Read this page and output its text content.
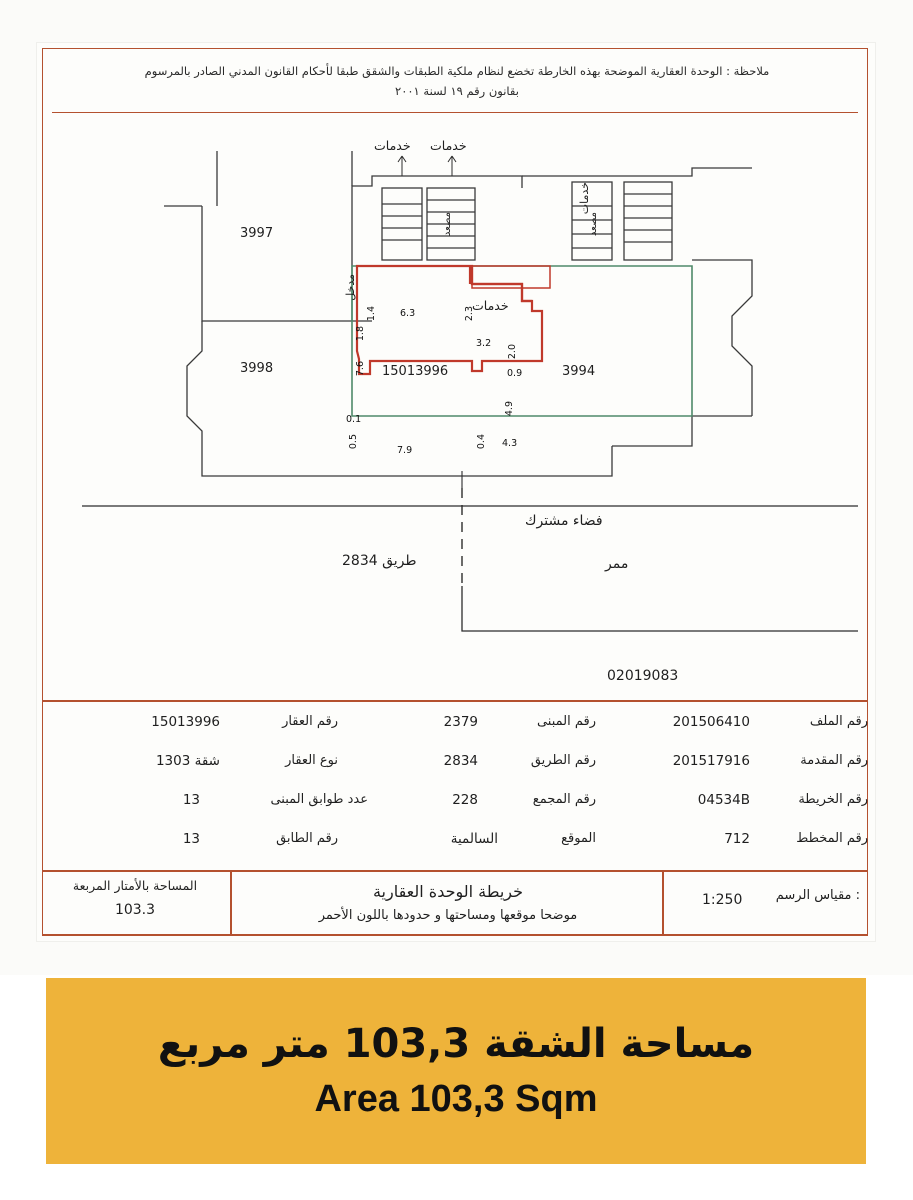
ملاحظة : الوحدة العقارية الموضحة بهذه الخارطة تخضع لنظام ملكية الطبقات والشقق طبقا لأحكام القانون المدني الصادر بالمرسوم
بقانون رقم ١٩ لسنة ٢٠٠١
3997
3998	3994
15013996
خدمات خدمات
خدمات
خدمات
مدخل
مصعد	مصعد
فضاء مشترك
ممر
طريق 2834
02019083
1.4 6.3	2.3
1.8
3.2
2.0
0.9
7.6
4.9
0.1
0.5
7.9
0.4 4.3
رقم الملف
201506410
رقم المبنى
2379
رقم العقار
15013996
رقم المقدمة
201517916
رقم الطريق
2834
نوع العقار
شقة 1303
رقم الخريطة
04534B
رقم المجمع
228
عدد طوابق المبنى
13
رقم المخطط
712
الموقع
السالمية
رقم الطابق
13
مقياس الرسم :
1:250
خريطة الوحدة العقارية
موضحا موقعها ومساحتها و حدودها باللون الأحمر
المساحة بالأمتار المربعة
103.3
مساحة الشقة 103,3 متر مربع
Area 103,3 Sqm
